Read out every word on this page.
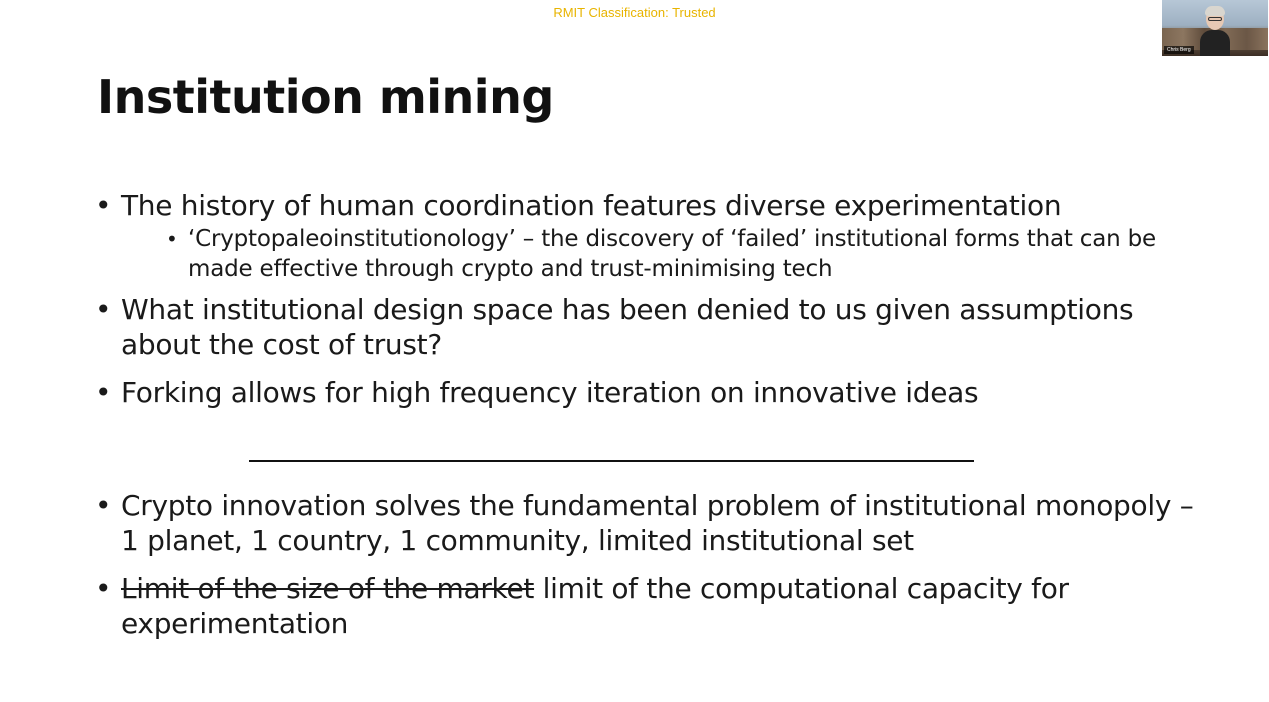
RMIT Classification: Trusted
Chris Berg
Institution mining
• The history of human coordination features diverse experimentation
• ‘Cryptopaleoinstitutionology’ – the discovery of ‘failed’ institutional forms that can be made effective through crypto and trust-minimising tech
• What institutional design space has been denied to us given assumptions about the cost of trust?
• Forking allows for high frequency iteration on innovative ideas
• Crypto innovation solves the fundamental problem of institutional monopoly – 1 planet, 1 country, 1 community, limited institutional set
• Limit of the size of the market limit of the computational capacity for experimentation
